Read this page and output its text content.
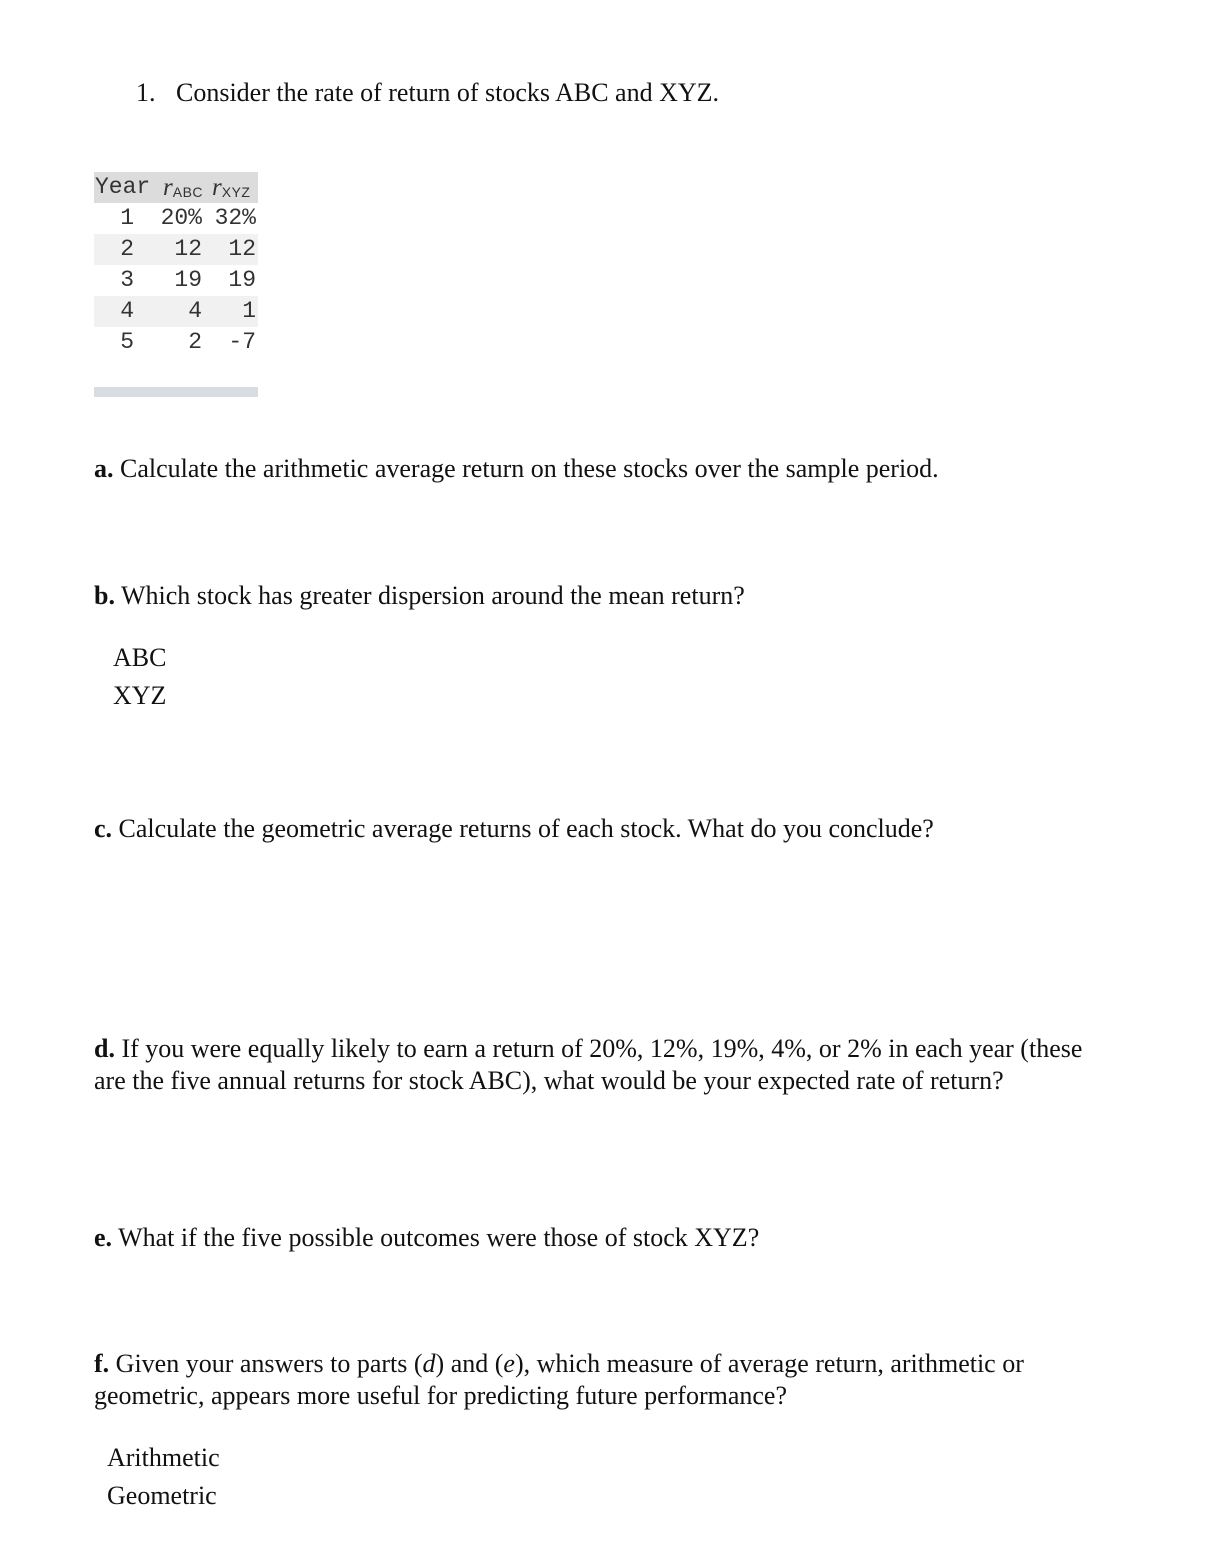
1. Consider the rate of return of stocks ABC and XYZ.
Year $r_{ABC}$ $r_{XYZ}$
1	20% 32%
2	12	12
3	19	19
4	4	1
5	2	-7
a. Calculate the arithmetic average return on these stocks over the sample period.
b. Which stock has greater dispersion around the mean return?
ABC
XYZ
c. Calculate the geometric average returns of each stock. What do you conclude?
d. If you were equally likely to earn a return of 20%, 12%, 19%, 4%, or 2% in each year (these are the five annual returns for stock ABC), what would be your expected rate of return?
e. What if the five possible outcomes were those of stock XYZ?
f. Given your answers to parts (d) and (e), which measure of average return, arithmetic or geometric, appears more useful for predicting future performance?
Arithmetic
Geometric
